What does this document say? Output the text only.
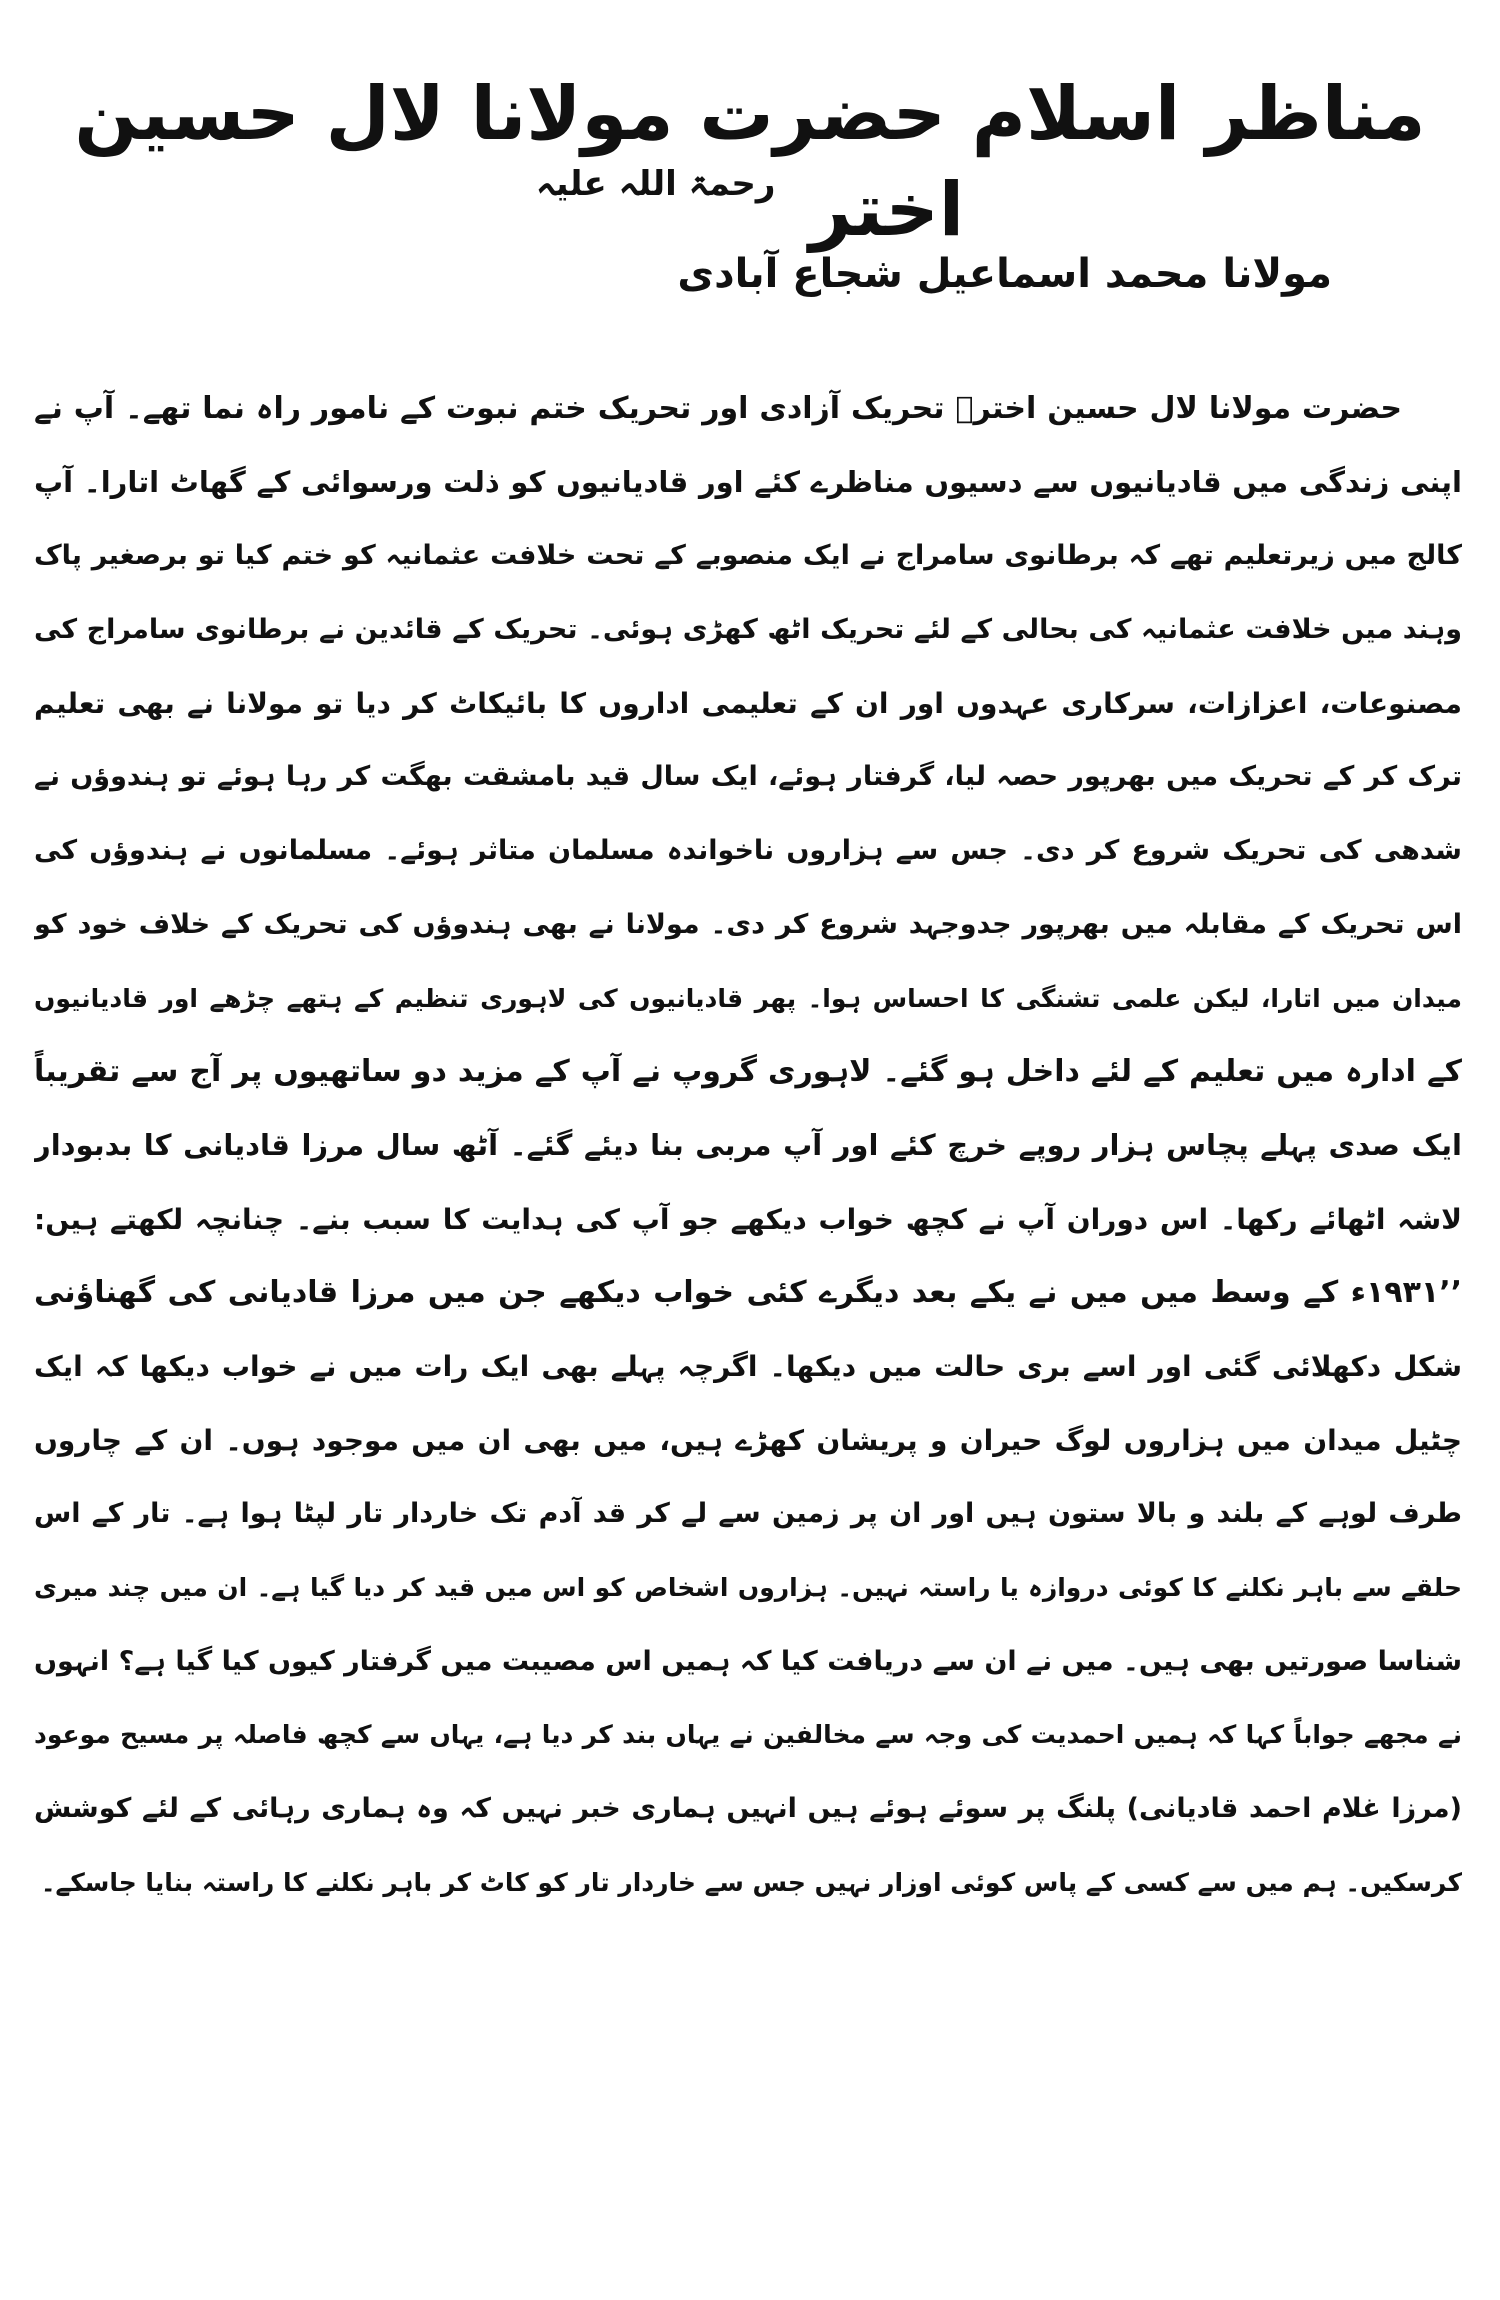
مناظر اسلام حضرت مولانا لال حسین اختر $^{رحمۃ اللہ علیہ}$
مولانا محمد اسماعیل شجاع آبادی
حضرت مولانا لال حسین اخترؒ تحریک آزادی اور تحریک ختم نبوت کے نامور راہ نما تھے۔ آپ نے
اپنی زندگی میں قادیانیوں سے دسیوں مناظرے کئے اور قادیانیوں کو ذلت ورسوائی کے گھاٹ اتارا۔ آپ
کالج میں زیرتعلیم تھے کہ برطانوی سامراج نے ایک منصوبے کے تحت خلافت عثمانیہ کو ختم کیا تو برصغیر پاک
وہند میں خلافت عثمانیہ کی بحالی کے لئے تحریک اٹھ کھڑی ہوئی۔ تحریک کے قائدین نے برطانوی سامراج کی
مصنوعات، اعزازات، سرکاری عہدوں اور ان کے تعلیمی اداروں کا بائیکاٹ کر دیا تو مولانا نے بھی تعلیم
ترک کر کے تحریک میں بھرپور حصہ لیا، گرفتار ہوئے، ایک سال قید بامشقت بھگت کر رہا ہوئے تو ہندوؤں نے
شدھی کی تحریک شروع کر دی۔ جس سے ہزاروں ناخواندہ مسلمان متاثر ہوئے۔ مسلمانوں نے ہندوؤں کی
اس تحریک کے مقابلہ میں بھرپور جدوجہد شروع کر دی۔ مولانا نے بھی ہندوؤں کی تحریک کے خلاف خود کو
میدان میں اتارا، لیکن علمی تشنگی کا احساس ہوا۔ پھر قادیانیوں کی لاہوری تنظیم کے ہتھے چڑھے اور قادیانیوں
کے ادارہ میں تعلیم کے لئے داخل ہو گئے۔ لاہوری گروپ نے آپ کے مزید دو ساتھیوں پر آج سے تقریباً
ایک صدی پہلے پچاس ہزار روپے خرچ کئے اور آپ مربی بنا دیئے گئے۔ آٹھ سال مرزا قادیانی کا بدبودار
لاشہ اٹھائے رکھا۔ اس دوران آپ نے کچھ خواب دیکھے جو آپ کی ہدایت کا سبب بنے۔ چنانچہ لکھتے ہیں:
’’۱۹۳۱ء کے وسط میں میں نے یکے بعد دیگرے کئی خواب دیکھے جن میں مرزا قادیانی کی گھناؤنی
شکل دکھلائی گئی اور اسے بری حالت میں دیکھا۔ اگرچہ پہلے بھی ایک رات میں نے خواب دیکھا کہ ایک
چٹیل میدان میں ہزاروں لوگ حیران و پریشان کھڑے ہیں، میں بھی ان میں موجود ہوں۔ ان کے چاروں
طرف لوہے کے بلند و بالا ستون ہیں اور ان پر زمین سے لے کر قد آدم تک خاردار تار لپٹا ہوا ہے۔ تار کے اس
حلقے سے باہر نکلنے کا کوئی دروازہ یا راستہ نہیں۔ ہزاروں اشخاص کو اس میں قید کر دیا گیا ہے۔ ان میں چند میری
شناسا صورتیں بھی ہیں۔ میں نے ان سے دریافت کیا کہ ہمیں اس مصیبت میں گرفتار کیوں کیا گیا ہے؟ انہوں
نے مجھے جواباً کہا کہ ہمیں احمدیت کی وجہ سے مخالفین نے یہاں بند کر دیا ہے، یہاں سے کچھ فاصلہ پر مسیح موعود
(مرزا غلام احمد قادیانی) پلنگ پر سوئے ہوئے ہیں انہیں ہماری خبر نہیں کہ وہ ہماری رہائی کے لئے کوشش
کرسکیں۔ ہم میں سے کسی کے پاس کوئی اوزار نہیں جس سے خاردار تار کو کاٹ کر باہر نکلنے کا راستہ بنایا جاسکے۔
